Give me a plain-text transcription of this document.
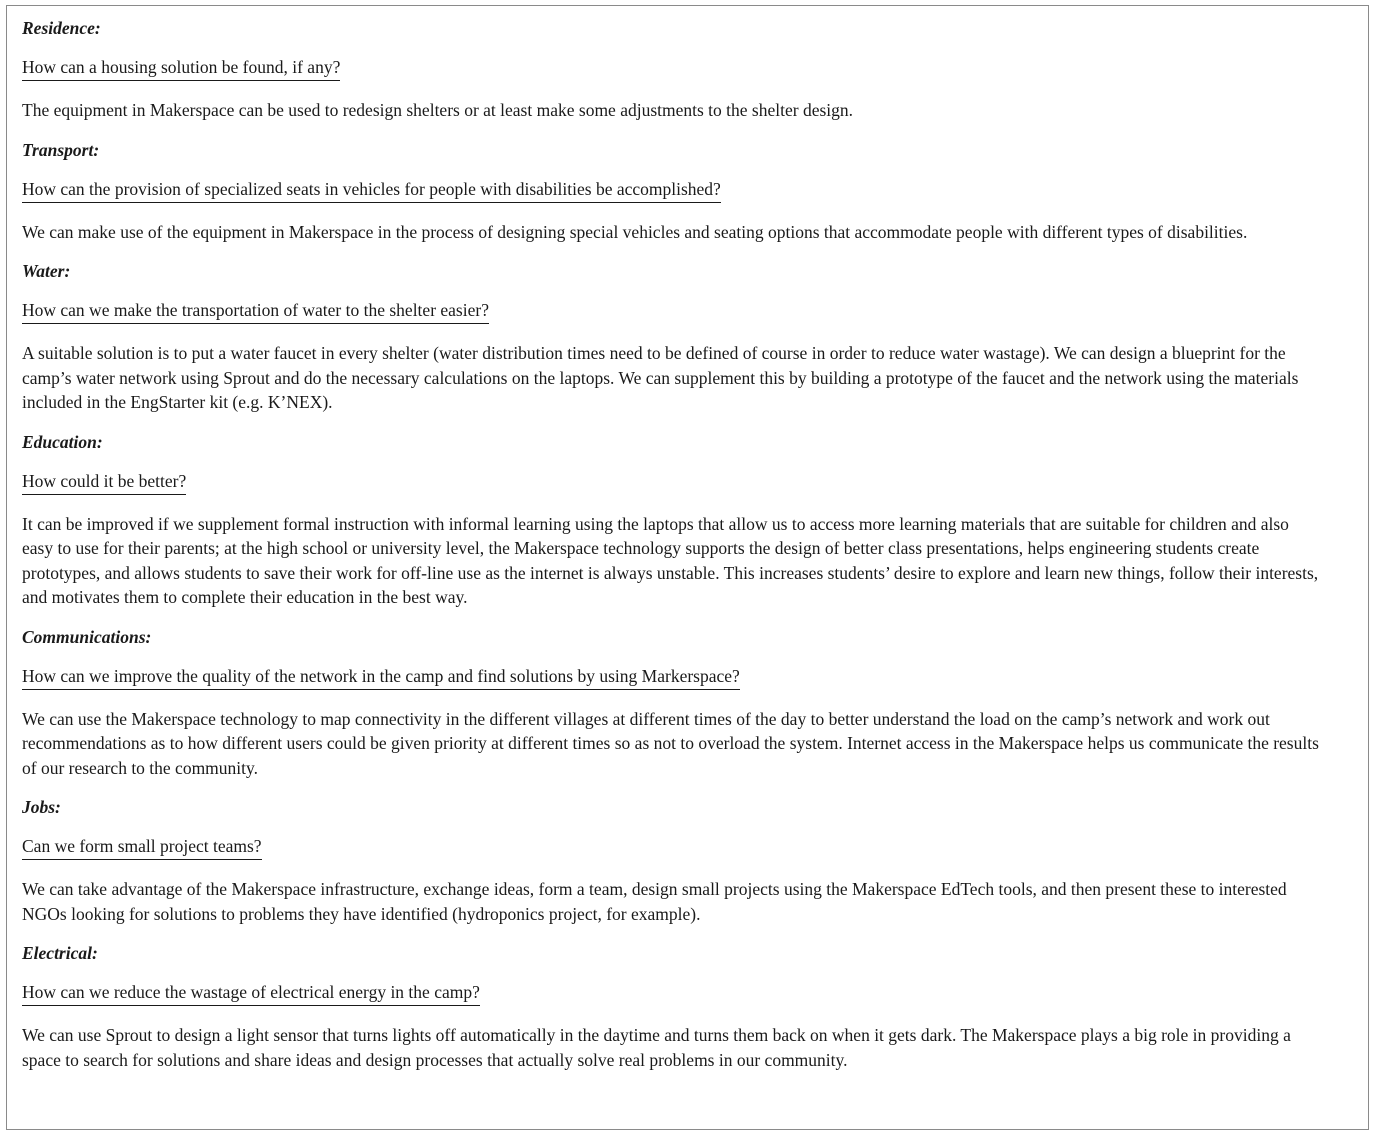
Residence:
How can a housing solution be found, if any?
The equipment in Makerspace can be used to redesign shelters or at least make some adjustments to the shelter design.
Transport:
How can the provision of specialized seats in vehicles for people with disabilities be accomplished?
We can make use of the equipment in Makerspace in the process of designing special vehicles and seating options that accommodate people with different types of disabilities.
Water:
How can we make the transportation of water to the shelter easier?
A suitable solution is to put a water faucet in every shelter (water distribution times need to be defined of course in order to reduce water wastage). We can design a blueprint for the camp’s water network using Sprout and do the necessary calculations on the laptops. We can supplement this by building a prototype of the faucet and the network using the materials included in the EngStarter kit (e.g. K’NEX).
Education:
How could it be better?
It can be improved if we supplement formal instruction with informal learning using the laptops that allow us to access more learning materials that are suitable for children and also easy to use for their parents; at the high school or university level, the Makerspace technology supports the design of better class presentations, helps engineering students create prototypes, and allows students to save their work for off-line use as the internet is always unstable. This increases students’ desire to explore and learn new things, follow their interests, and motivates them to complete their education in the best way.
Communications:
How can we improve the quality of the network in the camp and find solutions by using Markerspace?
We can use the Makerspace technology to map connectivity in the different villages at different times of the day to better understand the load on the camp’s network and work out recommendations as to how different users could be given priority at different times so as not to overload the system. Internet access in the Makerspace helps us communicate the results of our research to the community.
Jobs:
Can we form small project teams?
We can take advantage of the Makerspace infrastructure, exchange ideas, form a team, design small projects using the Makerspace EdTech tools, and then present these to interested NGOs looking for solutions to problems they have identified (hydroponics project, for example).
Electrical:
How can we reduce the wastage of electrical energy in the camp?
We can use Sprout to design a light sensor that turns lights off automatically in the daytime and turns them back on when it gets dark. The Makerspace plays a big role in providing a space to search for solutions and share ideas and design processes that actually solve real problems in our community.
